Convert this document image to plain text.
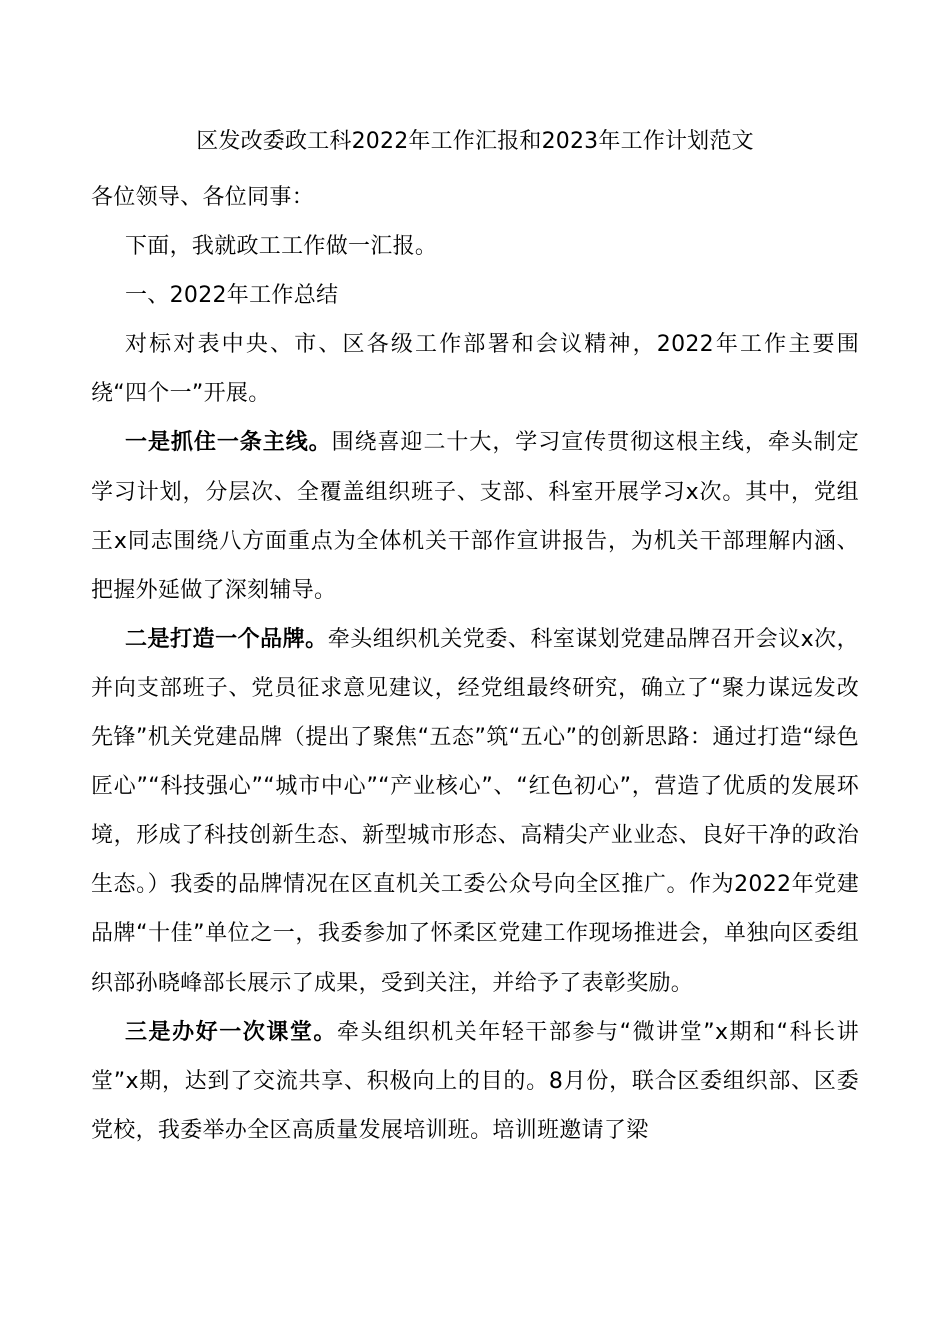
区发改委政工科2022年工作汇报和2023年工作计划范文

各位领导、各位同事：

下面，我就政工工作做一汇报。

一、2022年工作总结

对标对表中央、市、区各级工作部署和会议精神，2022年工作主要围绕“四个一”开展。

一是抓住一条主线。围绕喜迎二十大，学习宣传贯彻这根主线，牵头制定学习计划，分层次、全覆盖组织班子、支部、科室开展学习x次。其中，党组王x同志围绕八方面重点为全体机关干部作宣讲报告，为机关干部理解内涵、把握外延做了深刻辅导。

二是打造一个品牌。牵头组织机关党委、科室谋划党建品牌召开会议x次，并向支部班子、党员征求意见建议，经党组最终研究，确立了“聚力谋远发改先锋”机关党建品牌（提出了聚焦“五态”筑“五心”的创新思路：通过打造“绿色匠心”“科技强心”“城市中心”“产业核心”、“红色初心”，营造了优质的发展环境，形成了科技创新生态、新型城市形态、高精尖产业业态、良好干净的政治生态。）我委的品牌情况在区直机关工委公众号向全区推广。作为2022年党建品牌“十佳”单位之一，我委参加了怀柔区党建工作现场推进会，单独向区委组织部孙晓峰部长展示了成果，受到关注，并给予了表彰奖励。

三是办好一次课堂。牵头组织机关年轻干部参与“微讲堂”x期和“科长讲堂”x期，达到了交流共享、积极向上的目的。8月份，联合区委组织部、区委党校，我委举办全区高质量发展培训班。培训班邀请了梁
